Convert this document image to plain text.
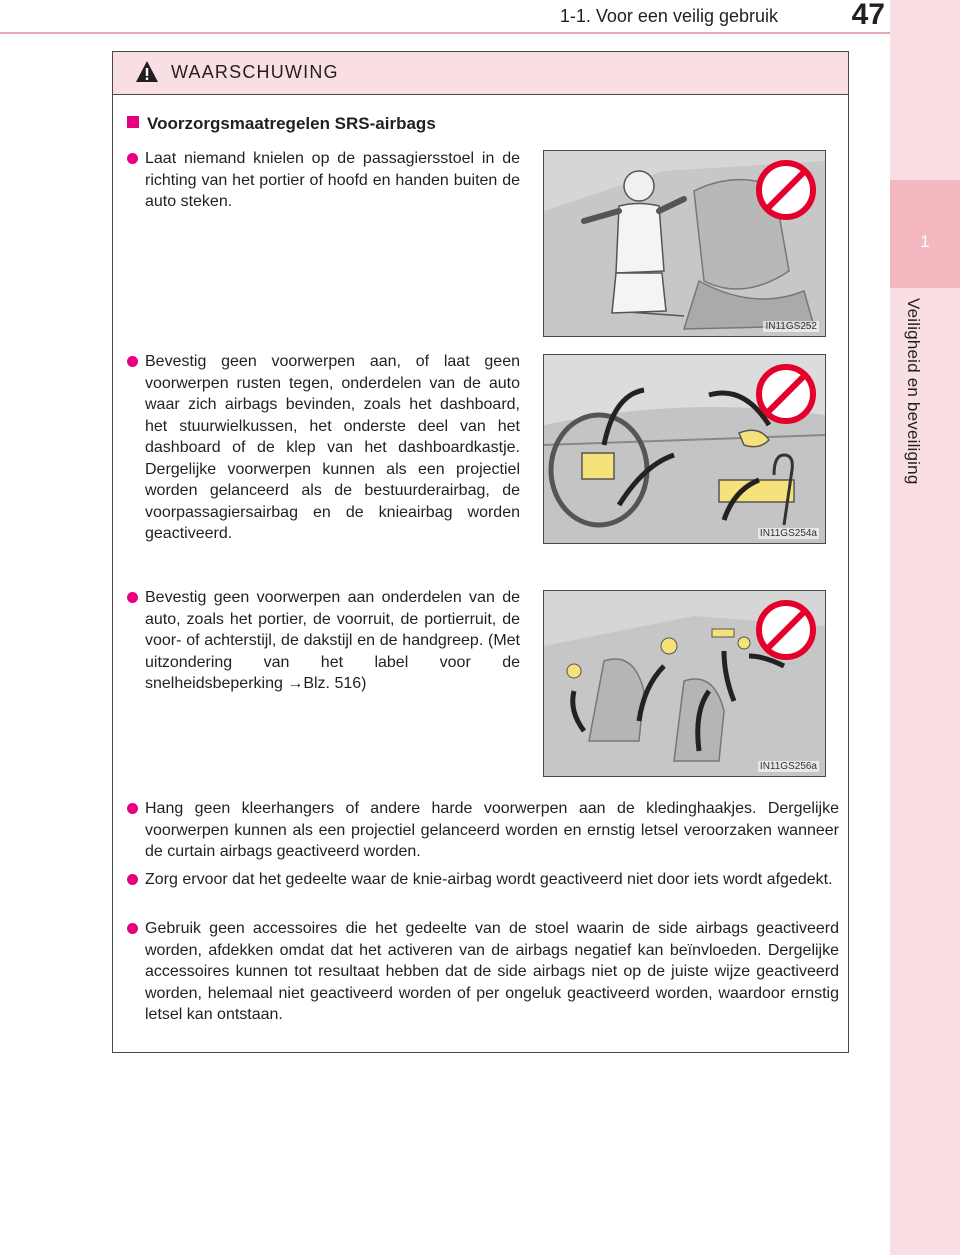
1-1. Voor een veilig gebruik 47
1
Veiligheid en beveiliging
WAARSCHUWING
Voorzorgsmaatregelen SRS-airbags
Laat niemand knielen op de passagiersstoel in de richting van het portier of hoofd en handen buiten de auto steken.
IN11GS252
Bevestig geen voorwerpen aan, of laat geen voorwerpen rusten tegen, onderdelen van de auto waar zich airbags bevinden, zoals het dashboard, het stuurwielkussen, het onderste deel van het dashboard of de klep van het dashboardkastje. Dergelijke voorwerpen kunnen als een projectiel worden gelanceerd als de bestuurderairbag, de voorpassagiersairbag en de knieairbag worden geactiveerd.	IN11GS254a
Bevestig geen voorwerpen aan onderdelen van de auto, zoals het portier, de voorruit, de portierruit, de voor- of achterstijl, de dakstijl en de handgreep. (Met uitzondering van het label voor de snelheidsbeperking →Blz. 516)
IN11GS256a
Hang geen kleerhangers of andere harde voorwerpen aan de kledinghaakjes. Dergelijke voorwerpen kunnen als een projectiel gelanceerd worden en ernstig letsel veroorzaken wanneer de curtain airbags geactiveerd worden.
Zorg ervoor dat het gedeelte waar de knie-airbag wordt geactiveerd niet door iets wordt afgedekt.
Gebruik geen accessoires die het gedeelte van de stoel waarin de side airbags geactiveerd worden, afdekken omdat dat het activeren van de airbags negatief kan beïnvloeden. Dergelijke accessoires kunnen tot resultaat hebben dat de side airbags niet op de juiste wijze geactiveerd worden, helemaal niet geactiveerd worden of per ongeluk geactiveerd worden, waardoor ernstig letsel kan ontstaan.
